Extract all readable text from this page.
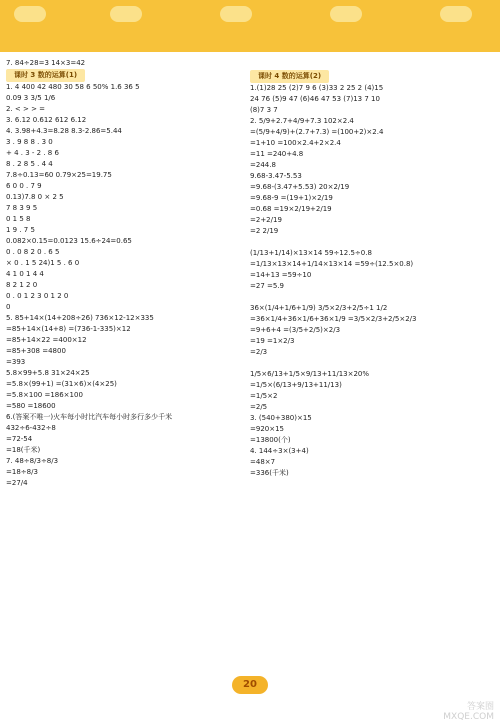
7. 84÷28=3 14×3=42
课时 3 数的运算(1)
1. 4 400 42 480 30 58 6 50% 1.6 36 5
0.09 3 3/5 1/6
2. < > > =
3. 6.12 0.612 612 6.12
4. 3.98+4.3=8.28 8.3-2.86=5.44
3 . 9 8 8 . 3 0
+ 4 . 3 - 2 . 8 6
8 . 2 8 5 . 4 4
7.8÷0.13=60 0.79×25=19.75
6 0 0 . 7 9
0.13)7.8 0 × 2 5
7 8 3 9 5
0 1 5 8
1 9 . 7 5
0.082×0.15=0.0123 15.6÷24=0.65
0 . 0 8 2 0 . 6 5
× 0 . 1 5 24)1 5 . 6 0
4 1 0 1 4 4
8 2 1 2 0
0 . 0 1 2 3 0 1 2 0
0
5. 85+14×(14+208÷26) 736×12-12×335
=85+14×(14+8) =(736-1-335)×12
=85+14×22 =400×12
=85+308 =4800
=393
5.8×99+5.8 31×24×25
=5.8×(99+1) =(31×6)×(4×25)
=5.8×100 =186×100
=580 =18600
6.(答案不唯一)火车每小时比汽车每小时多行多少千米
432÷6-432÷8
=72-54
=18(千米)
7. 48÷8/3÷8/3
=18÷8/3
=27/4
课时 4 数的运算(2)
1.(1)28 25 (2)7 9 6 (3)33 2 25 2 (4)15
24 76 (5)9 47 (6)46 47 53 (7)13 7 10
(8)7 3 7
2. 5/9+2.7+4/9+7.3 102×2.4
=(5/9+4/9)+(2.7+7.3) =(100+2)×2.4
=1+10 =100×2.4+2×2.4
=11 =240+4.8
=244.8
9.68-3.47-5.53
=9.68-(3.47+5.53) 20×2/19
=9.68-9 =(19+1)×2/19
=0.68 =19×2/19+2/19
=2+2/19
=2 2/19
(1/13+1/14)×13×14 59÷12.5÷0.8
=1/13×13×14+1/14×13×14 =59÷(12.5×0.8)
=14+13 =59÷10
=27 =5.9
36×(1/4+1/6+1/9) 3/5×2/3+2/5÷1 1/2
=36×1/4+36×1/6+36×1/9 =3/5×2/3+2/5×2/3
=9+6+4 =(3/5+2/5)×2/3
=19 =1×2/3
=2/3
1/5×6/13+1/5×9/13+11/13×20%
=1/5×(6/13+9/13+11/13)
=1/5×2
=2/5
3. (540+380)×15
=920×15
=13800(个)
4. 144÷3×(3+4)
=48×7
=336(千米)
20
答案圈 MXQE.COM
